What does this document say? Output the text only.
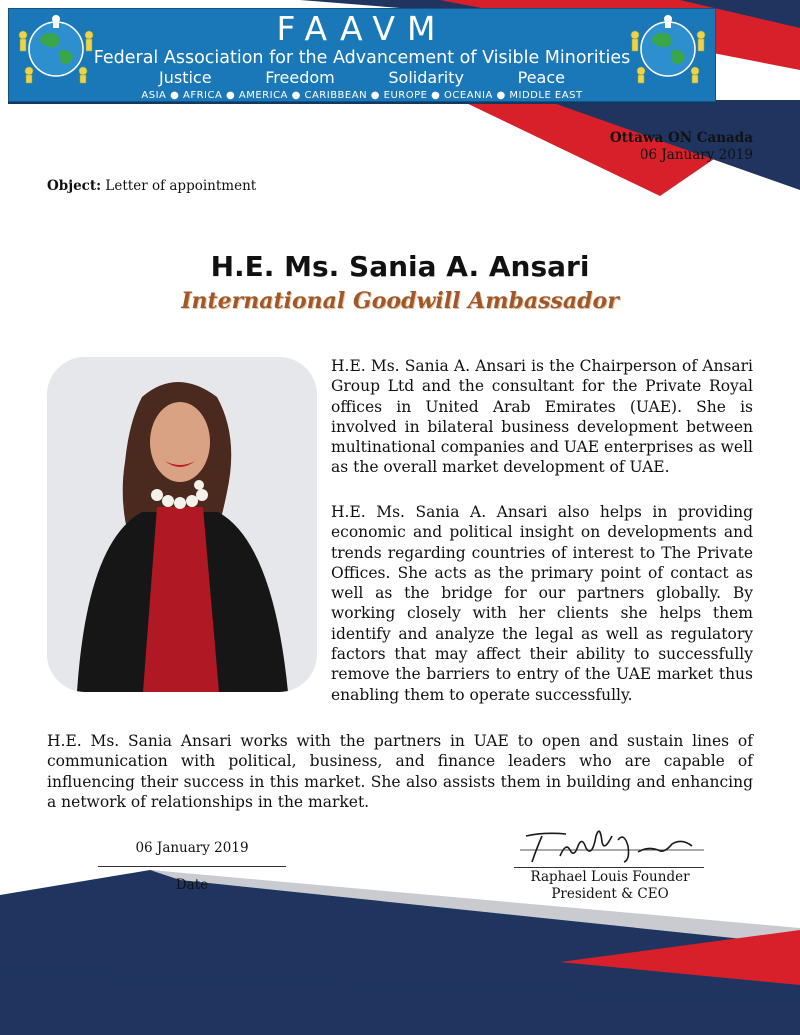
FAAVM
Federal Association for the Advancement of Visible Minorities
Justice	Freedom	Solidarity	Peace
ASIA ● AFRICA ● AMERICA ● CARIBBEAN ● EUROPE ● OCEANIA ● MIDDLE EAST
Ottawa ON Canada
06 January 2019
Object: Letter of appointment
H.E. Ms. Sania A. Ansari
International Goodwill Ambassador

H.E. Ms. Sania A. Ansari is the Chairperson of Ansari Group Ltd and the consultant for the Private Royal offices in United Arab Emirates (UAE). She is involved in bilateral business development between multinational companies and UAE enterprises as well as the overall market development of UAE.

H.E. Ms. Sania A. Ansari also helps in providing economic and political insight on developments and trends regarding countries of interest to The Private Offices. She acts as the primary point of contact as well as the bridge for our partners globally. By working closely with her clients she helps them identify and analyze the legal as well as regulatory factors that may affect their ability to successfully remove the barriers to entry of the UAE market thus enabling them to operate successfully.

H.E. Ms. Sania Ansari works with the partners in UAE to open and sustain lines of communication with political, business, and finance leaders who are capable of influencing their success in this market. She also assists them in building and enhancing a network of relationships in the market.

06 January 2019
Date	Raphael Louis Founder
President & CEO
